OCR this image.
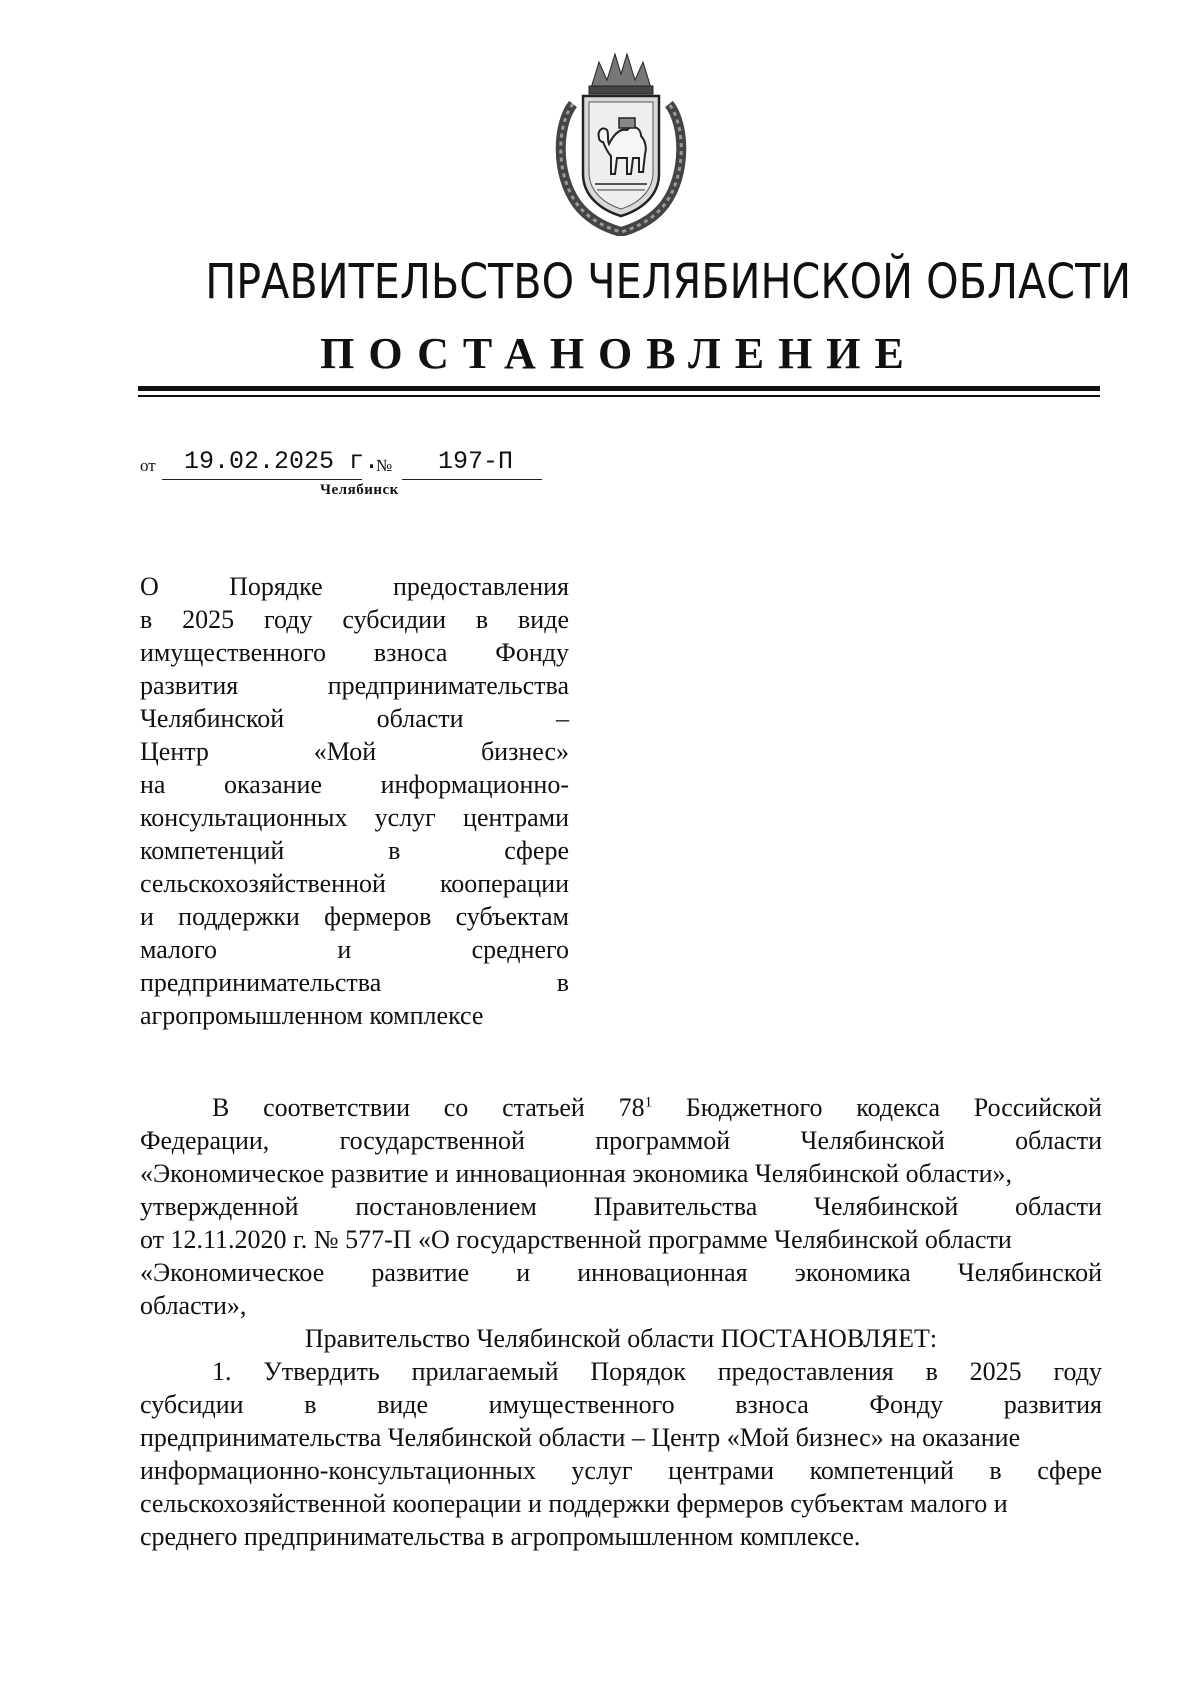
ПРАВИТЕЛЬСТВО ЧЕЛЯБИНСКОЙ ОБЛАСТИ
ПОСТАНОВЛЕНИЕ
от 19.02.2025 г.
№ 197-П
Челябинск
О	Порядке	предоставления
в 2025 году субсидии в виде
имущественного взноса Фонду
развития	предпринимательства
Челябинской	области	–
Центр	«Мой	бизнес»
на оказание информационно-
консультационных услуг центрами
компетенций	в	сфере
сельскохозяйственной кооперации
и поддержки фермеров субъектам
малого	и	среднего
предпринимательства	в
агропромышленном комплексе
В соответствии со статьей $78^1$ Бюджетного кодекса Российской
Федерации,	государственной	программой	Челябинской	области
«Экономическое развитие и инновационная экономика Челябинской области»,
утвержденной постановлением Правительства Челябинской области
от 12.11.2020 г. № 577-П «О государственной программе Челябинской области
«Экономическое развитие и инновационная экономика Челябинской
области»,
Правительство Челябинской области ПОСТАНОВЛЯЕТ:
1. Утвердить прилагаемый Порядок предоставления в 2025 году
субсидии в виде имущественного взноса Фонду развития
предпринимательства Челябинской области – Центр «Мой бизнес» на оказание
информационно-консультационных услуг центрами компетенций в сфере
сельскохозяйственной кооперации и поддержки фермеров субъектам малого и
среднего предпринимательства в агропромышленном комплексе.
